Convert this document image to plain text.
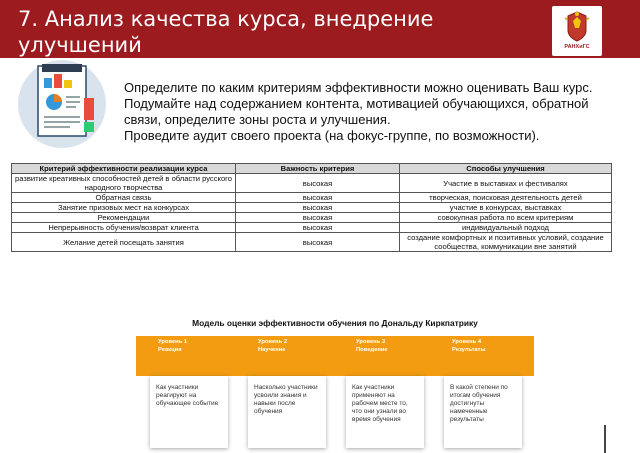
7. Анализ качества курса, внедрение
улучшений	РАНХиГС

Определите по каким критериям эффективности можно оценивать Ваш курс. Подумайте над содержанием контента, мотивацией обучающихся, обратной связи, определите зоны роста и улучшения.

Проведите аудит своего проекта (на фокус-группе, по возможности).

Критерий эффективности реализации курса	Важность критерия	Способы улучшения
развитие креативных способностей детей в области русского народного творчества	высокая	Участие в выставках и фестивалях
Обратная связь	высокая	творческая, поисковая деятельность детей
Занятие призовых мест на конкурсах	высокая	участие в конкурсах, выставках
Рекомендации	высокая	совокупная работа по всем критериям
Непрерывность обучения/возврат клиента	высокая	индивидуальный подход
Желание детей посещать занятия	высокая	создание комфортных и позитивных условий, создание сообщества, коммуникации вне занятий
Модель оценки эффективности обучения по Дональду Киркпатрику
Уровень 1
Реакция
Уровень 2
Научение
Уровень 3
Поведение
Уровень 4
Результаты
Как участники реагируют на обучающее событие
Насколько участники усвоили знания и навыки после обучения
Как участники применяют на рабочем месте то, что они узнали во время обучения
В какой степени по итогам обучения достигнуты намеченные результаты
